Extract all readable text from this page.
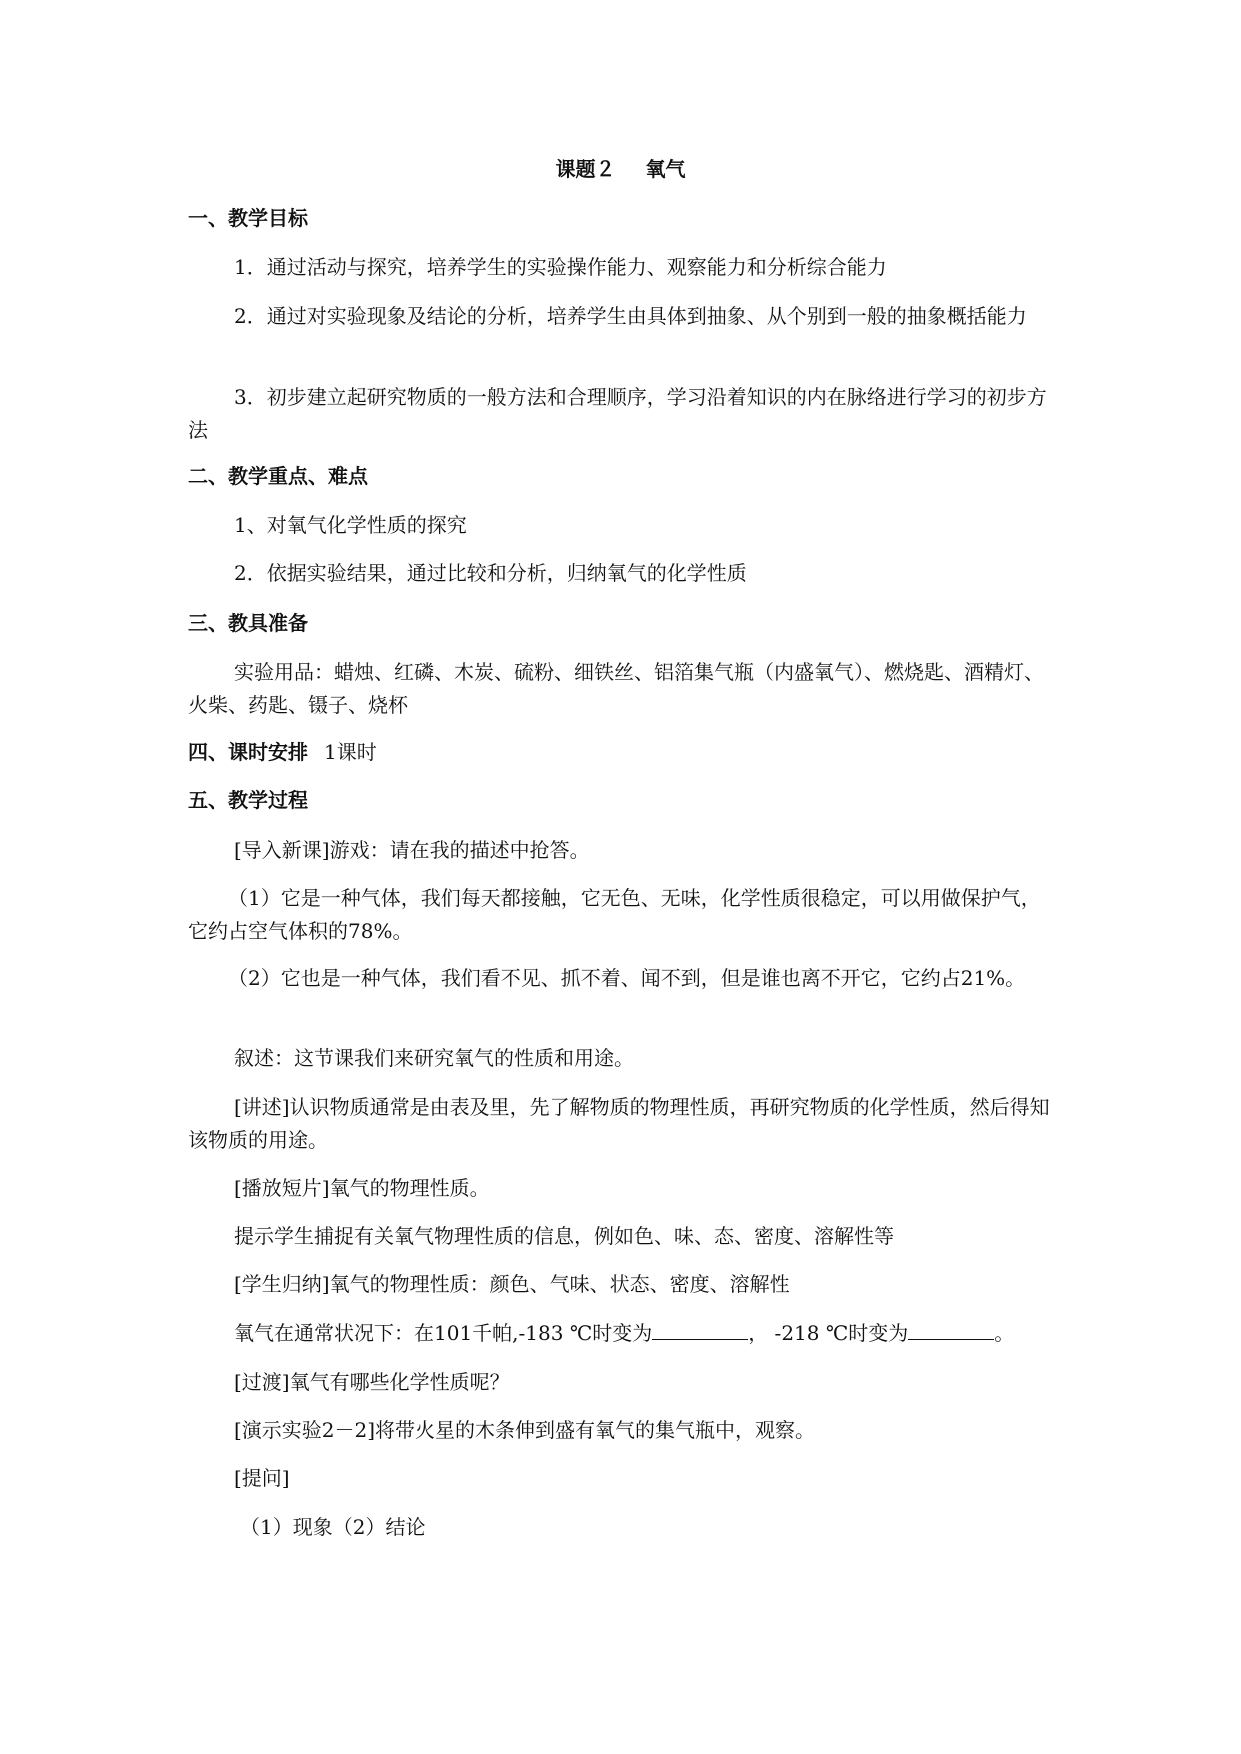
课题２ 氧气
一、教学目标
1．通过活动与探究，培养学生的实验操作能力、观察能力和分析综合能力
2．通过对实验现象及结论的分析，培养学生由具体到抽象、从个别到一般的抽象概括能力
3．初步建立起研究物质的一般方法和合理顺序，学习沿着知识的内在脉络进行学习的初步方法
二、教学重点、难点
1、对氧气化学性质的探究
2．依据实验结果，通过比较和分析，归纳氧气的化学性质
三、教具准备
实验用品：蜡烛、红磷、木炭、硫粉、细铁丝、铝箔集气瓶（内盛氧气）、燃烧匙、酒精灯、火柴、药匙、镊子、烧杯
四、课时安排 1课时
五、教学过程
[导入新课]游戏：请在我的描述中抢答。
（1）它是一种气体，我们每天都接触，它无色、无味，化学性质很稳定，可以用做保护气，它约占空气体积的78%。
（2）它也是一种气体，我们看不见、抓不着、闻不到，但是谁也离不开它，它约占21%。
叙述：这节课我们来研究氧气的性质和用途。
[讲述]认识物质通常是由表及里，先了解物质的物理性质，再研究物质的化学性质，然后得知该物质的用途。
[播放短片]氧气的物理性质。
提示学生捕捉有关氧气物理性质的信息，例如色、味、态、密度、溶解性等
[学生归纳]氧气的物理性质：颜色、气味、状态、密度、溶解性
氧气在通常状况下：在101千帕,-183 ℃时变为	， -218 ℃时变为	。
[过渡]氧气有哪些化学性质呢？
[演示实验2－2]将带火星的木条伸到盛有氧气的集气瓶中，观察。
[提问]
（1）现象（2）结论
